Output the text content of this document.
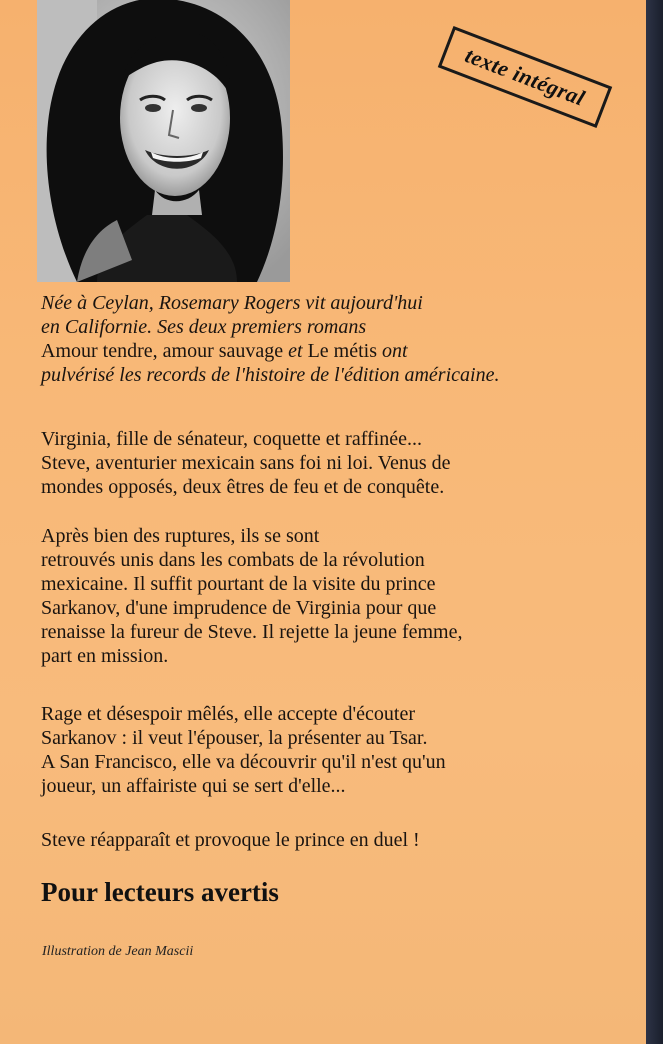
texte intégral

Née à Ceylan, Rosemary Rogers vit aujourd'hui

en Californie. Ses deux premiers romans

Amour tendre, amour sauvage et Le métis ont

pulvérisé les records de l'histoire de l'édition américaine.

Virginia, fille de sénateur, coquette et raffinée...

Steve, aventurier mexicain sans foi ni loi. Venus de

mondes opposés, deux êtres de feu et de conquête.

Après bien des ruptures, ils se sont

retrouvés unis dans les combats de la révolution

mexicaine. Il suffit pourtant de la visite du prince

Sarkanov, d'une imprudence de Virginia pour que

renaisse la fureur de Steve. Il rejette la jeune femme,

part en mission.

Rage et désespoir mêlés, elle accepte d'écouter

Sarkanov : il veut l'épouser, la présenter au Tsar.

A San Francisco, elle va découvrir qu'il n'est qu'un

joueur, un affairiste qui se sert d'elle...

Steve réapparaît et provoque le prince en duel !

Pour lecteurs avertis
Illustration de Jean Mascii
